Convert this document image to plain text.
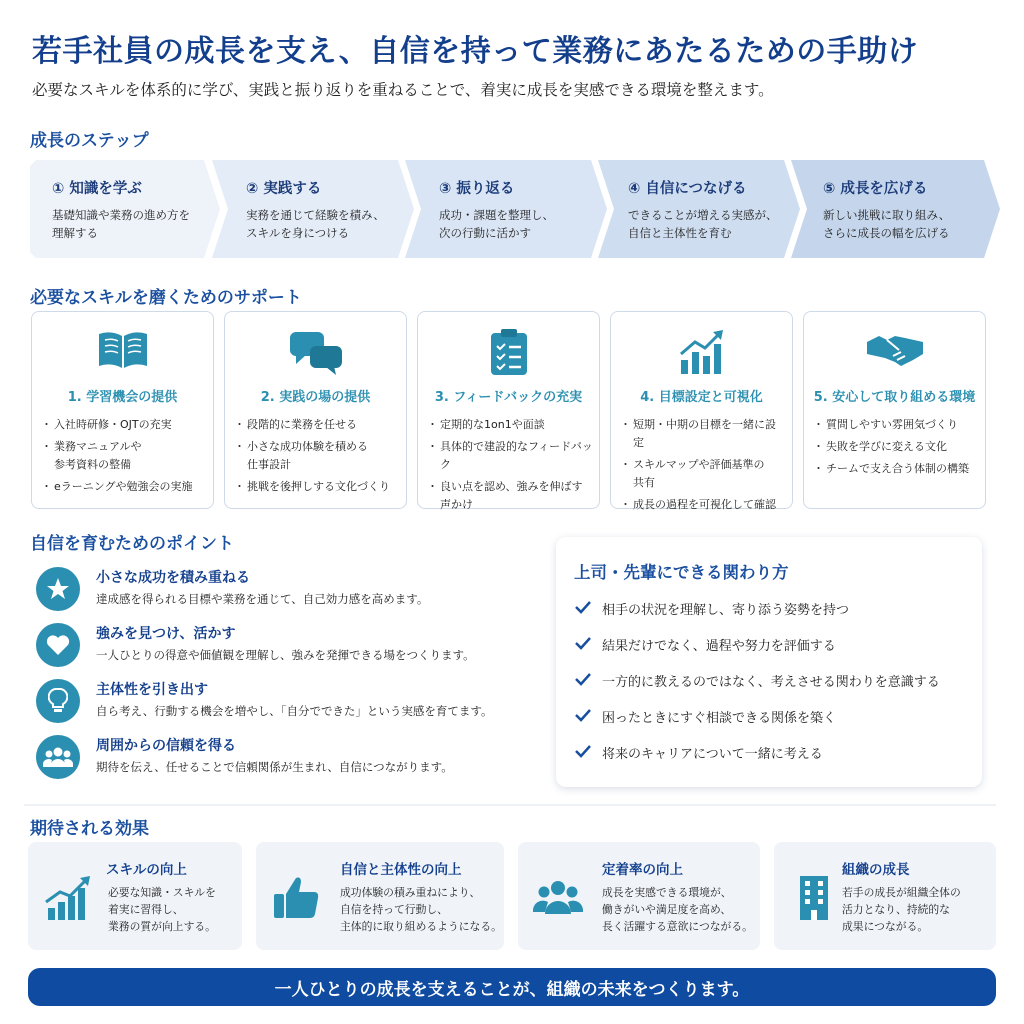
若手社員の成長を支え、自信を持って業務にあたるための手助け
必要なスキルを体系的に学び、実践と振り返りを重ねることで、着実に成長を実感できる環境を整えます。
成長のステップ
① 知識を学ぶ
基礎知識や業務の進め方を
理解する
② 実践する
実務を通じて経験を積み、
スキルを身につける
③ 振り返る
成功・課題を整理し、
次の行動に活かす
④ 自信につなげる
できることが増える実感が、
自信と主体性を育む
⑤ 成長を広げる
新しい挑戦に取り組み、
さらに成長の幅を広げる
必要なスキルを磨くためのサポート
1. 学習機会の提供
・ 入社時研修・OJTの充実
・ 業務マニュアルや
参考資料の整備
・ eラーニングや勉強会の実施
2. 実践の場の提供
・ 段階的に業務を任せる
・ 小さな成功体験を積める
仕事設計
・ 挑戦を後押しする文化づくり
3. フィードバックの充実
・ 定期的な1on1や面談
・ 具体的で建設的なフィードバック
・ 良い点を認め、強みを伸ばす
声かけ
4. 目標設定と可視化
・ 短期・中期の目標を一緒に設定
・ スキルマップや評価基準の
共有
・ 成長の過程を可視化して確認
5. 安心して取り組める環境
・ 質問しやすい雰囲気づくり
・ 失敗を学びに変える文化
・ チームで支え合う体制の構築
自信を育むためのポイント
小さな成功を積み重ねる
達成感を得られる目標や業務を通じて、自己効力感を高めます。
強みを見つけ、活かす
一人ひとりの得意や価値観を理解し、強みを発揮できる場をつくります。
主体性を引き出す
自ら考え、行動する機会を増やし、「自分でできた」という実感を育てます。
周囲からの信頼を得る
期待を伝え、任せることで信頼関係が生まれ、自信につながります。
上司・先輩にできる関わり方
相手の状況を理解し、寄り添う姿勢を持つ
結果だけでなく、過程や努力を評価する
一方的に教えるのではなく、考えさせる関わりを意識する
困ったときにすぐ相談できる関係を築く
将来のキャリアについて一緒に考える
期待される効果
スキルの向上
必要な知識・スキルを
着実に習得し、
業務の質が向上する。
自信と主体性の向上
成功体験の積み重ねにより、
自信を持って行動し、
主体的に取り組めるようになる。
定着率の向上
成長を実感できる環境が、
働きがいや満足度を高め、
長く活躍する意欲につながる。
組織の成長
若手の成長が組織全体の
活力となり、持続的な
成果につながる。
一人ひとりの成長を支えることが、組織の未来をつくります。
